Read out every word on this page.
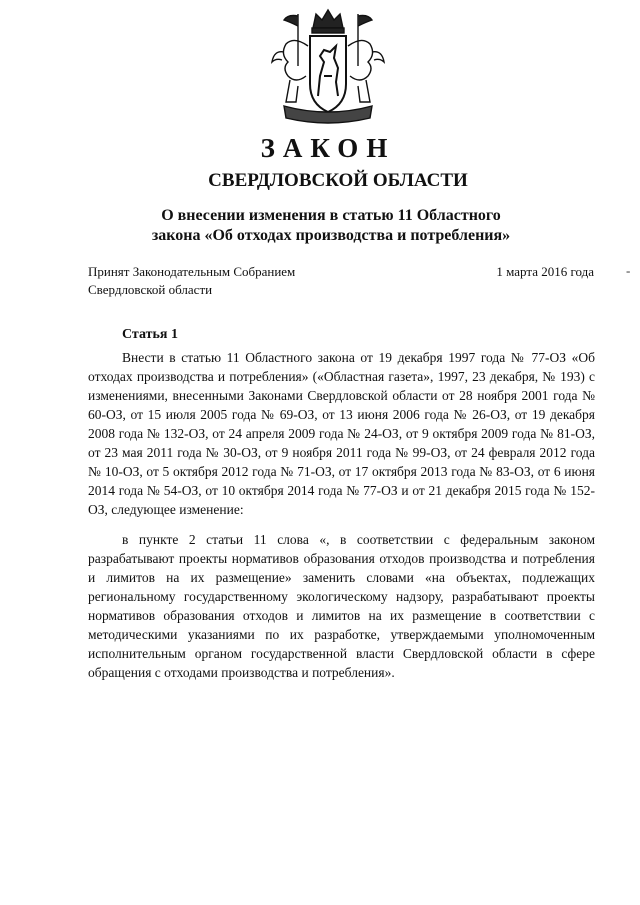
ЗАКОН
СВЕРДЛОВСКОЙ ОБЛАСТИ
О внесении изменения в статью 11 Областного
закона «Об отходах производства и потребления»
Принят Законодательным Собранием
Свердловской области
1 марта 2016 года -
Статья 1
Внести в статью 11 Областного закона от 19 декабря 1997 года № 77-ОЗ «Об отходах производства и потребления» («Областная газета», 1997, 23 декабря, № 193) с изменениями, внесенными Законами Свердловской области от 28 ноября 2001 года № 60-ОЗ, от 15 июля 2005 года № 69-ОЗ, от 13 июня 2006 года № 26-ОЗ, от 19 декабря 2008 года № 132-ОЗ, от 24 апреля 2009 года № 24-ОЗ, от 9 октября 2009 года № 81-ОЗ, от 23 мая 2011 года № 30-ОЗ, от 9 ноября 2011 года № 99-ОЗ, от 24 февраля 2012 года № 10-ОЗ, от 5 октября 2012 года № 71-ОЗ, от 17 октября 2013 года № 83-ОЗ, от 6 июня 2014 года № 54-ОЗ, от 10 октября 2014 года № 77-ОЗ и от 21 декабря 2015 года № 152-ОЗ, следующее изменение:
в пункте 2 статьи 11 слова «, в соответствии с федеральным законом разрабатывают проекты нормативов образования отходов производства и потребления и лимитов на их размещение» заменить словами «на объектах, подлежащих региональному государственному экологическому надзору, разрабатывают проекты нормативов образования отходов и лимитов на их размещение в соответствии с методическими указаниями по их разработке, утверждаемыми уполномоченным исполнительным органом государственной власти Свердловской области в сфере обращения с отходами производства и потребления».
